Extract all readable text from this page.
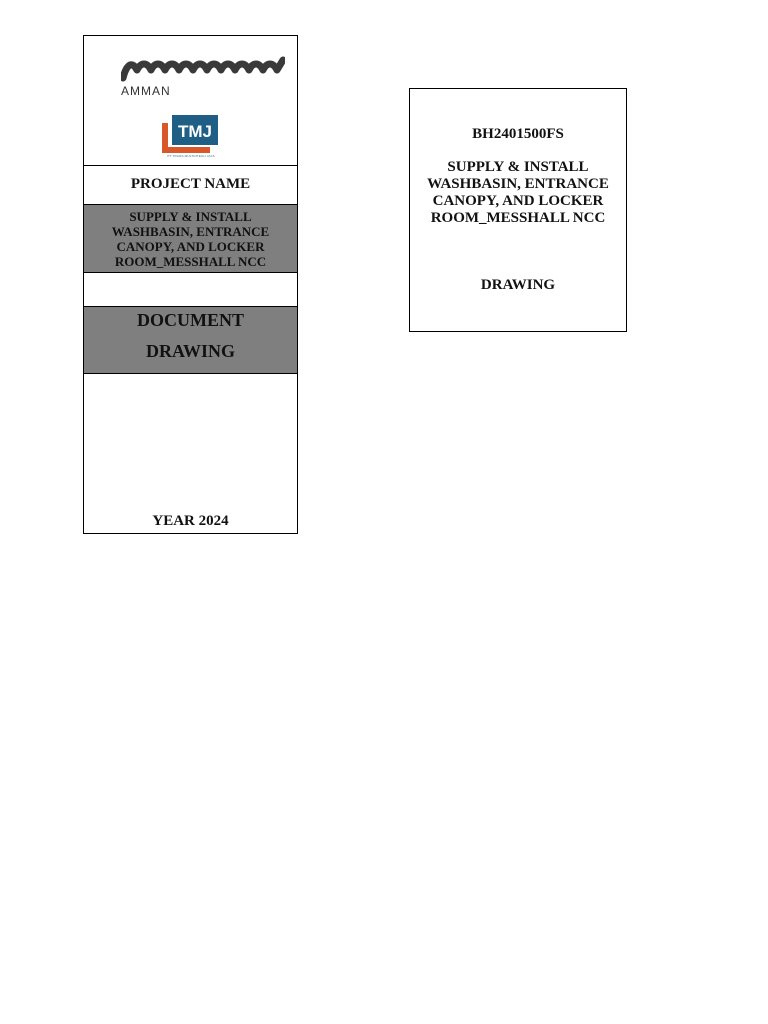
AMMAN
TMJ
PT TRANS MULTINTECH JAYA
PROJECT NAME
SUPPLY & INSTALL WASHBASIN, ENTRANCE CANOPY, AND LOCKER ROOM_MESSHALL NCC
DOCUMENT
DRAWING
YEAR 2024
BH2401500FS
SUPPLY & INSTALL WASHBASIN, ENTRANCE CANOPY, AND LOCKER ROOM_MESSHALL NCC
DRAWING
